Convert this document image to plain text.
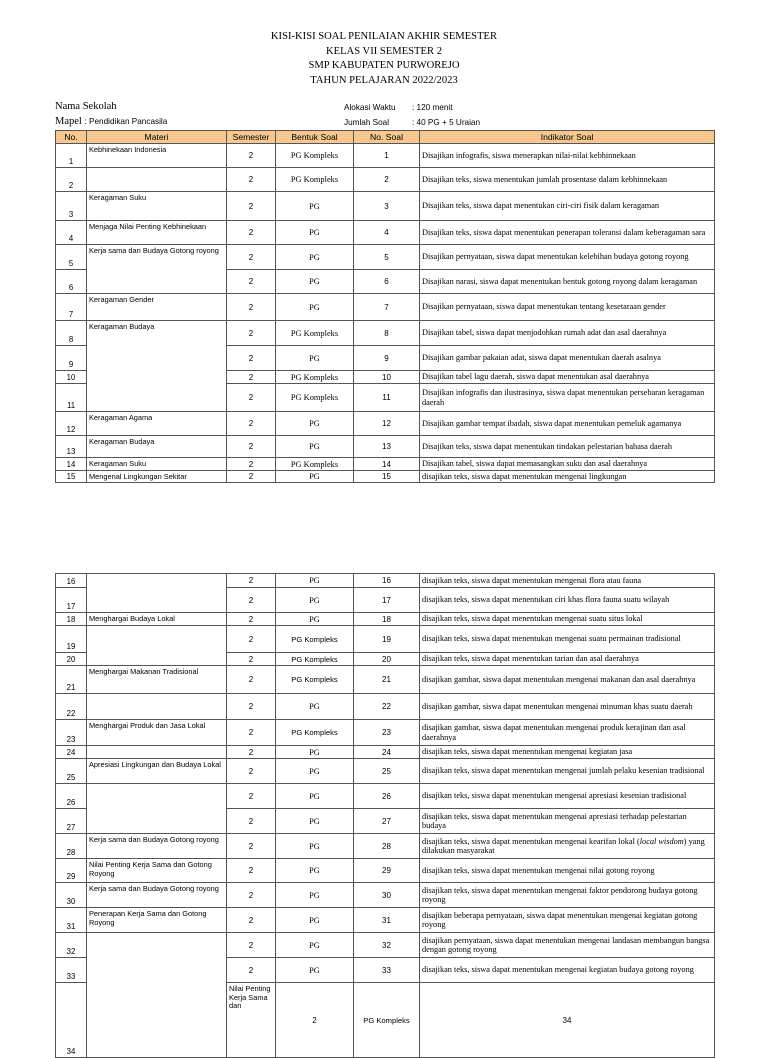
KISI-KISI SOAL PENILAIAN AKHIR SEMESTER
KELAS VII SEMESTER 2
SMP KABUPATEN PURWOREJO
TAHUN PELAJARAN 2022/2023
Nama Sekolah
Mapel : Pendidikan Pancasila
Alokasi Waktu : 120 menit
Jumlah Soal	: 40 PG + 5 Uraian
No.	Materi	Semester	Bentuk Soal	No. Soal	Indikator Soal
1	Kebhinekaan Indonesia	2	PG Kompleks	1	Disajikan infografis, siswa menerapkan nilai-nilai kebhinnekaan
2		2	PG Kompleks	2	Disajikan teks, siswa menentukan jumlah prosentase dalam kebhinnekaan
3	Keragaman Suku	2	PG	3	Disajikan teks, siswa dapat menentukan ciri-ciri fisik dalam keragaman
4	Menjaga Nilai Penting Kebhinekaan	2	PG	4	Disajikan teks, siswa dapat menentukan penerapan toleransi dalam keberagaman sara
5	Kerja sama dan Budaya Gotong royong	2	PG	5	Disajikan pernyataan, siswa dapat menentukan kelebihan budaya gotong royong
6		2	PG	6	Disajikan narasi, siswa dapat menentukan bentuk gotong royong dalam keragaman
7	Keragaman Gender	2	PG	7	Disajikan pernyataan, siswa dapat menentukan tentang kesetaraan gender
8	Keragaman Budaya	2	PG Kompleks	8	Disajikan tabel, siswa dapat menjodohkan rumah adat dan asal daerahnya
9		2	PG	9	Disajikan gambar pakaian adat, siswa dapat menentukan daerah asalnya
10		2	PG Kompleks	10	Disajikan tabel lagu daerah, siswa dapat menentukan asal daerahnya
11		2	PG Kompleks	11	Disajikan infografis dan ilustrasinya, siswa dapat menentukan persebaran keragaman daerah
12	Keragaman Agama	2	PG	12	Disajikan gambar tempat ibadah, siswa dapat menentukan pemeluk agamanya
13	Keragaman Budaya	2	PG	13	Disajikan teks, siswa dapat menentukan tindakan pelestarian bahasa daerah
14	Keragaman Suku	2	PG Kompleks	14	Disajikan tabel, siswa dapat memasangkan suku dan asal daerahnya
15	Mengenal Lingkungan Sekitar	2	PG	15	disajikan teks, siswa dapat menentukan mengenai lingkungan
16		2	PG	16	disajikan teks, siswa dapat menentukan mengenai flora atau fauna	
17		2	PG	17	disajikan teks, siswa dapat menentukan ciri khas flora fauna suatu wilayah	
18	Menghargai Budaya Lokal	2	PG	18	disajikan teks, siswa dapat menentukan mengenai suatu situs lokal	
19		2	PG Kompleks	19	disajikan teks, siswa dapat menentukan mengenai suatu permainan tradisional	
20		2	PG Kompleks	20	disajikan teks, siswa dapat menentukan tarian dan asal daerahnya	
21	Menghargai Makanan Tradisional	2	PG Kompleks	21	disajikan gambar, siswa dapat menentukan mengenai makanan dan asal daerahnya	
22		2	PG	22	disajikan gambar, siswa dapat menentukan mengenai minuman khas suatu daerah	
23	Menghargai Produk dan Jasa Lokal	2	PG Kompleks	23	disajikan gambar, siswa dapat menentukan mengenai produk kerajinan dan asal daerahnya	
24		2	PG	24	disajikan teks, siswa dapat menentukan mengenai kegiatan jasa	
25	Apresiasi Lingkungan dan Budaya Lokal	2	PG	25	disajikan teks, siswa dapat menentukan mengenai jumlah pelaku kesenian tradisional	
26		2	PG	26	disajikan teks, siswa dapat menentukan mengenai apresiasi kesenian tradisional	
27		2	PG	27	disajikan teks, siswa dapat menentukan mengenai apresiasi terhadap pelestarian budaya	
28	Kerja sama dan Budaya Gotong royong	2	PG	28	disajikan teks, siswa dapat menentukan mengenai kearifan lokal (local wisdom) yang dilakukan masyarakat	
29	Nilai Penting Kerja Sama dan Gotong Royong	2	PG	29	disajikan teks, siswa dapat menentukan mengenai nilai gotong royong	
30	Kerja sama dan Budaya Gotong royong	2	PG	30	disajikan teks, siswa dapat menentukan mengenai faktor pendorong budaya gotong royong	
31	Penerapan Kerja Sama dan Gotong Royong	2	PG	31	disajikan beberapa pernyataan, siswa dapat menentukan mengenai kegiatan gotong royong	
32		2	PG	32	disajikan pernyataan, siswa dapat menentukan mengenai landasan membangun bangsa dengan gotong royong	
33		2	PG	33	disajikan teks, siswa dapat menentukan mengenai kegiatan budaya gotong royong	
34		Nilai Penting Kerja Sama dan	2	PG Kompleks	34	
